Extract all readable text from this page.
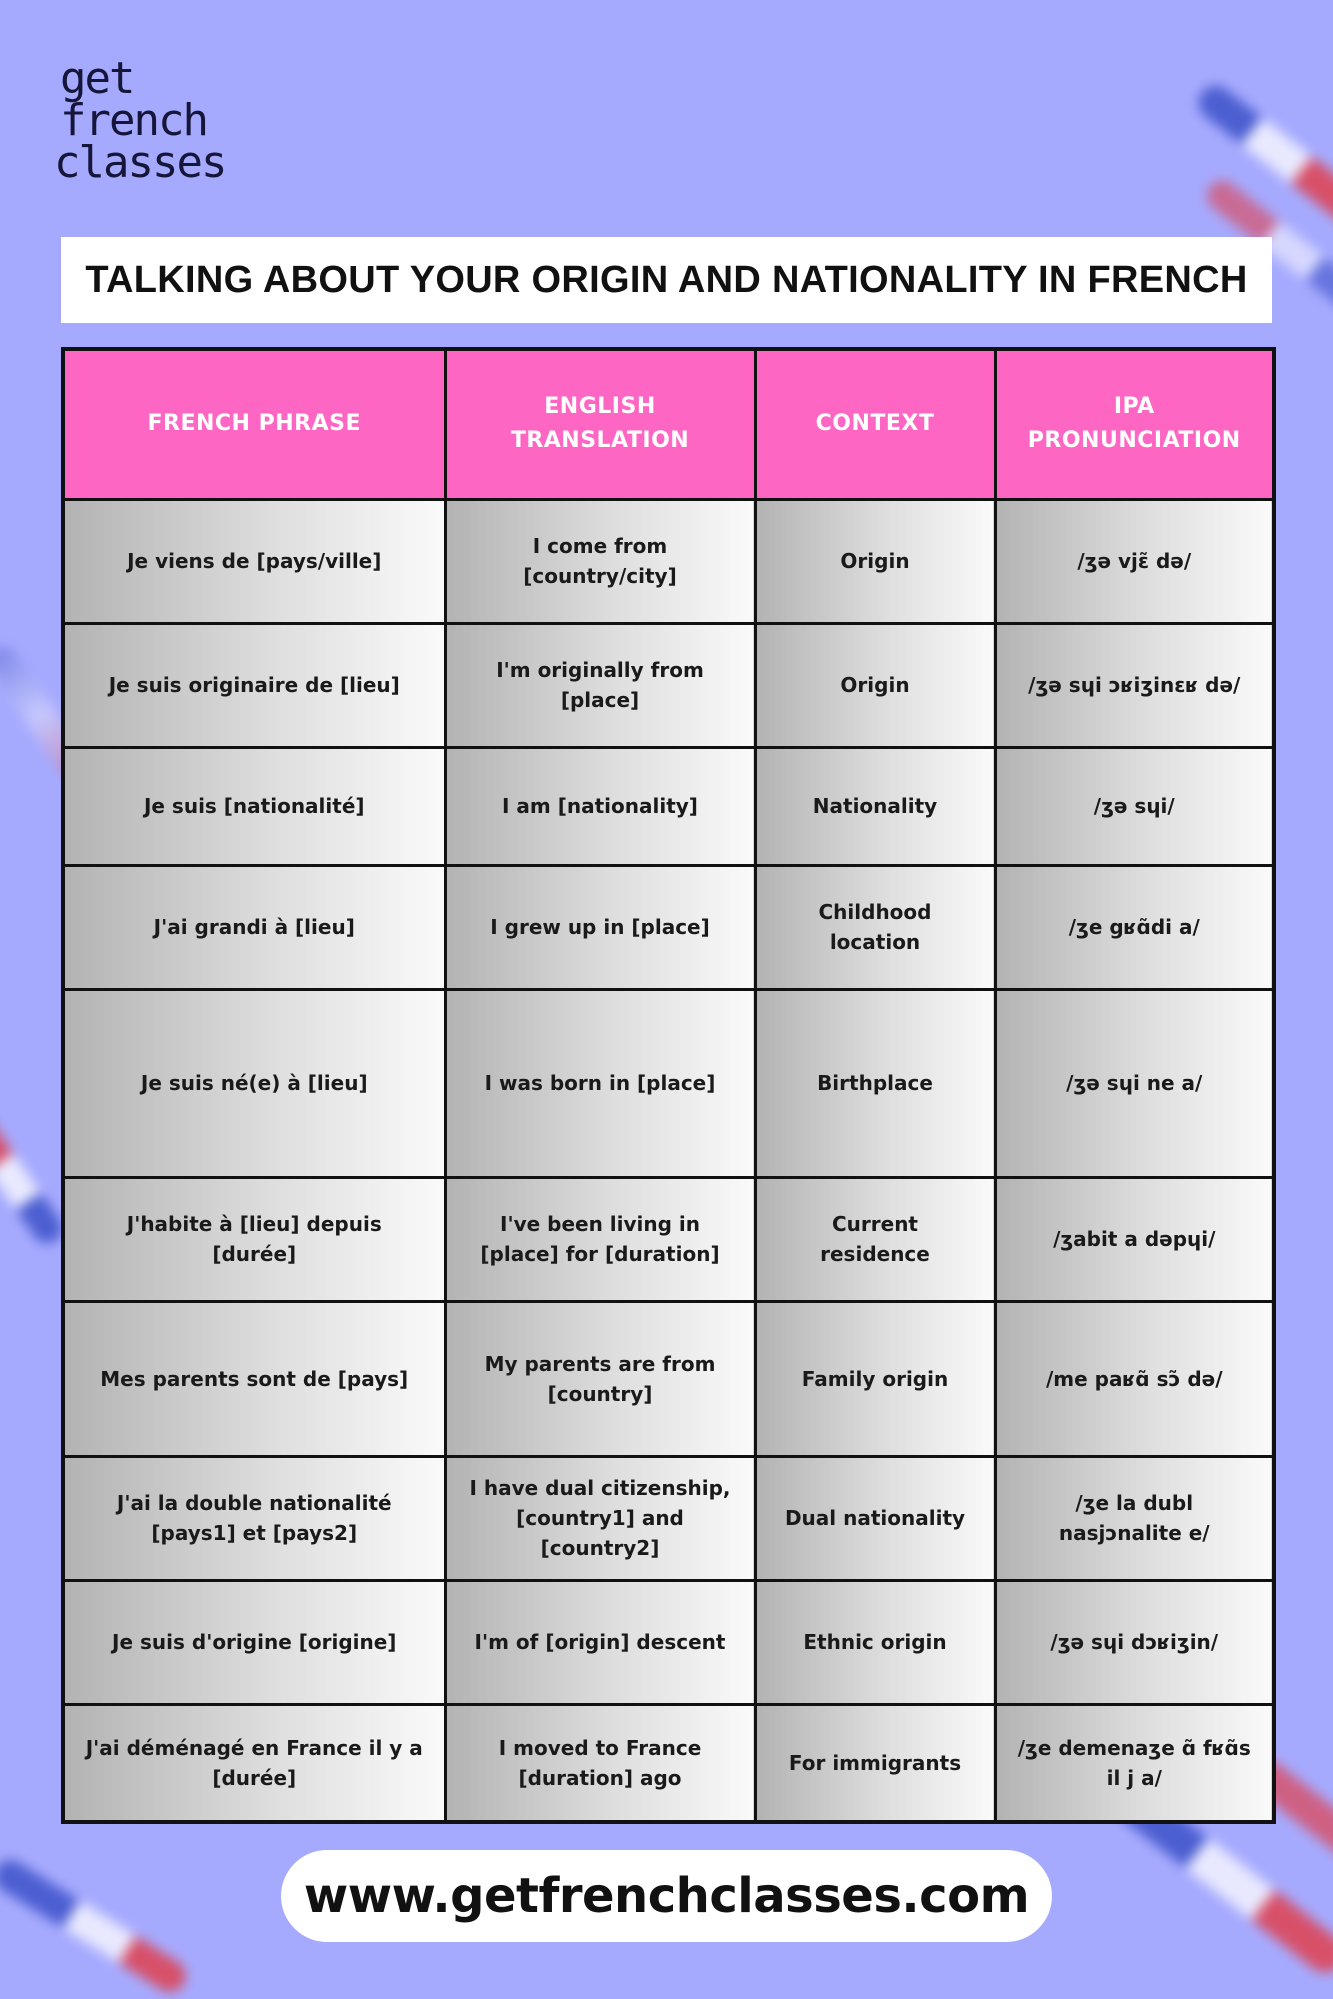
get
french
classes
TALKING ABOUT YOUR ORIGIN AND NATIONALITY IN FRENCH
FRENCH PHRASE	ENGLISH TRANSLATION	CONTEXT	IPA PRONUNCIATION
Je viens de [pays/ville]	I come from [country/city]	Origin	/ʒə vjɛ̃ də/
Je suis originaire de [lieu]	I'm originally from [place]	Origin	/ʒə sɥi ɔʁiʒinɛʁ də/
Je suis [nationalité]	I am [nationality]	Nationality	/ʒə sɥi/
J'ai grandi à [lieu]	I grew up in [place]	Childhood location	/ʒe gʁɑ̃di a/
Je suis né(e) à [lieu]	I was born in [place]	Birthplace	/ʒə sɥi ne a/
J'habite à [lieu] depuis [durée]	I've been living in [place] for [duration]	Current residence	/ʒabit a dəpɥi/
Mes parents sont de [pays]	My parents are from [country]	Family origin	/me paʁɑ̃ sɔ̃ də/
J'ai la double nationalité [pays1] et [pays2]	I have dual citizenship, [country1] and [country2]	Dual nationality	/ʒe la dubl nasjɔnalite e/
Je suis d'origine [origine]	I'm of [origin] descent	Ethnic origin	/ʒə sɥi dɔʁiʒin/
J'ai déménagé en France il y a [durée]	I moved to France [duration] ago	For immigrants	/ʒe demenaʒe ɑ̃ fʁɑ̃s il j a/
www.getfrenchclasses.com
